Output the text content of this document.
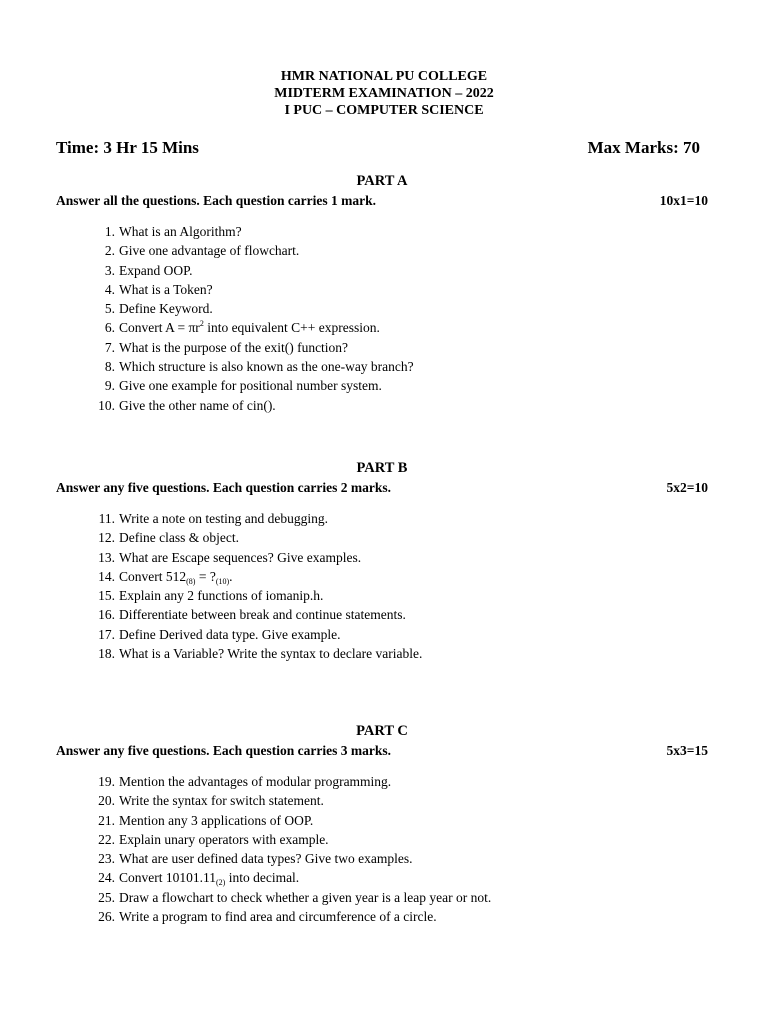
HMR NATIONAL PU COLLEGE
MIDTERM EXAMINATION – 2022
I PUC – COMPUTER SCIENCE
Time: 3 Hr 15 Mins	Max Marks: 70
PART A
Answer all the questions. Each question carries 1 mark.	10x1=10
1. What is an Algorithm?
2. Give one advantage of flowchart.
3. Expand OOP.
4. What is a Token?
5. Define Keyword.
6. Convert $A = \pi r^2$ into equivalent C++ expression.
7. What is the purpose of the exit() function?
8. Which structure is also known as the one-way branch?
9. Give one example for positional number system.
10. Give the other name of cin().
PART B
Answer any five questions. Each question carries 2 marks.	5x2=10
11. Write a note on testing and debugging.
12. Define class & object.
13. What are Escape sequences? Give examples.
14. Convert $512_{(8)}$ = $?_{(10)}$.
15. Explain any 2 functions of iomanip.h.
16. Differentiate between break and continue statements.
17. Define Derived data type. Give example.
18. What is a Variable? Write the syntax to declare variable.
PART C
Answer any five questions. Each question carries 3 marks.	5x3=15
19. Mention the advantages of modular programming.
20. Write the syntax for switch statement.
21. Mention any 3 applications of OOP.
22. Explain unary operators with example.
23. What are user defined data types? Give two examples.
24. Convert $10101.11_{(2)}$ into decimal.
25. Draw a flowchart to check whether a given year is a leap year or not.
26. Write a program to find area and circumference of a circle.
